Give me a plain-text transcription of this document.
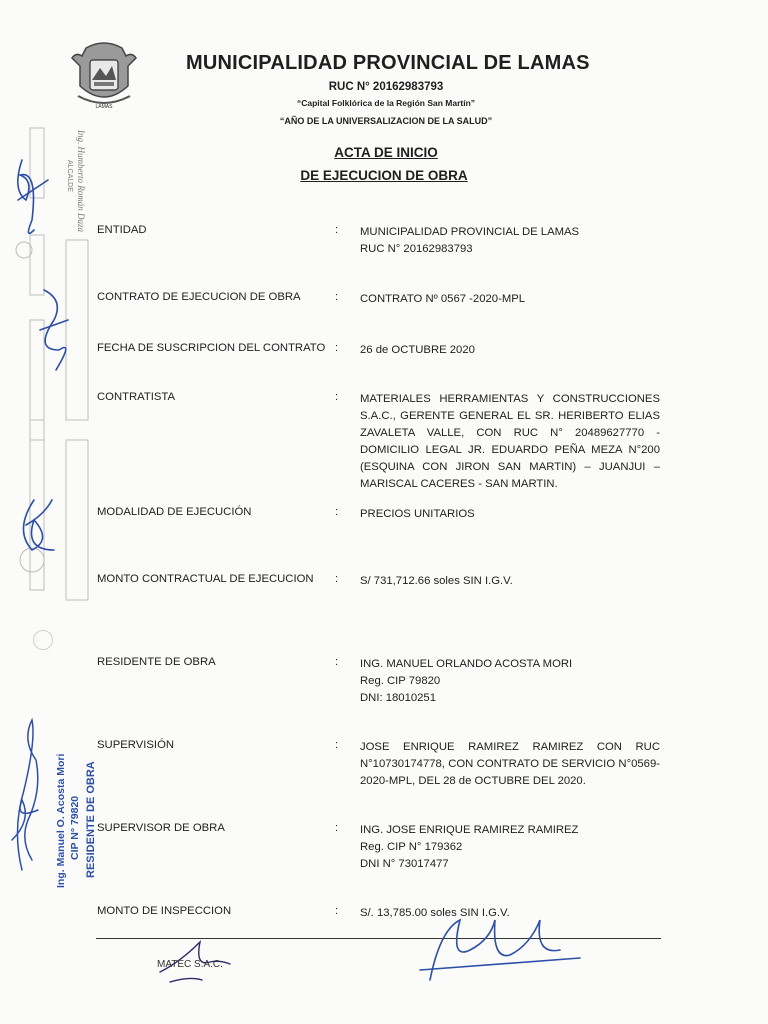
LAMAS
MUNICIPALIDAD PROVINCIAL DE LAMAS
RUC N° 20162983793
“Capital Folklórica de la Región San Martín”
“AÑO DE LA UNIVERSALIZACION DE LA SALUD”
ACTA DE INICIO
DE EJECUCION DE OBRA
ENTIDAD	: MUNICIPALIDAD PROVINCIAL DE LAMAS
RUC N° 20162983793
CONTRATO DE EJECUCION DE OBRA	: CONTRATO Nº 0567 -2020-MPL
FECHA DE SUSCRIPCION DEL CONTRATO : 26 de OCTUBRE 2020
CONTRATISTA	: MATERIALES HERRAMIENTAS Y CONSTRUCCIONES
S.A.C., GERENTE GENERAL EL SR. HERIBERTO ELIAS
ZAVALETA VALLE, CON RUC N° 20489627770 -
DOMICILIO LEGAL JR. EDUARDO PEÑA MEZA N°200
(ESQUINA CON JIRON SAN MARTIN) – JUANJUI –
MARISCAL CACERES - SAN MARTIN.
MODALIDAD DE EJECUCIÓN	: PRECIOS UNITARIOS
MONTO CONTRACTUAL DE EJECUCION : S/ 731,712.66 soles SIN I.G.V.
RESIDENTE DE OBRA	: ING. MANUEL ORLANDO ACOSTA MORI
Reg. CIP 79820
DNI: 18010251
SUPERVISIÓN	: JOSE ENRIQUE RAMIREZ RAMIREZ CON RUC
N°10730174778, CON CONTRATO DE SERVICIO N°0569-
2020-MPL, DEL 28 de OCTUBRE DEL 2020.
SUPERVISOR DE OBRA	: ING. JOSE ENRIQUE RAMIREZ RAMIREZ
Reg. CIP N° 179362
DNI N° 73017477
MONTO DE INSPECCION	: S/. 13,785.00 soles SIN I.G.V.
Ing. Humberto Román Daza
ALCALDE
Ing. Manuel O. Acosta Mori CIP N° 79820 RESIDENTE DE OBRA
MATEC S.A.C.
